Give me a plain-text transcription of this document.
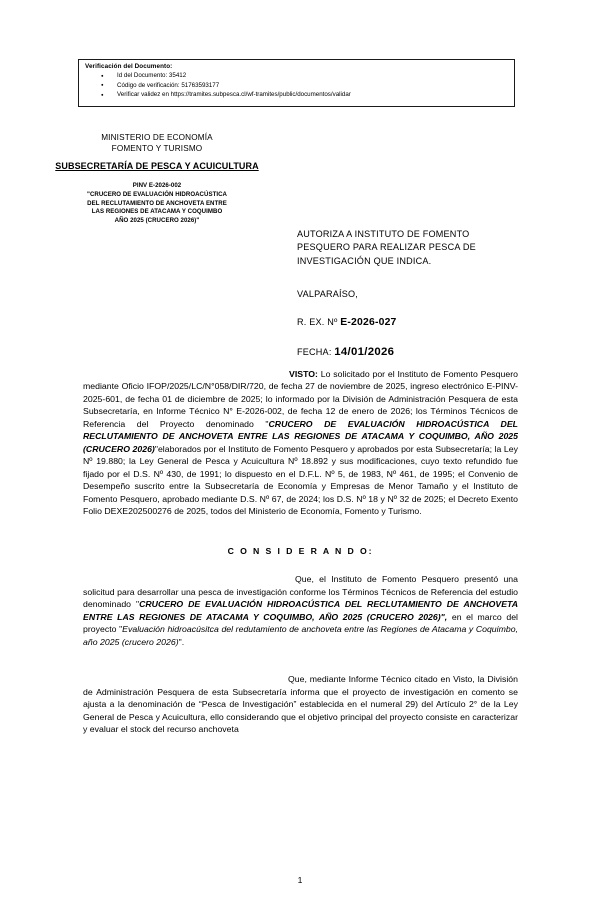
Verificación del Documento:
● Id del Documento: 35412
● Código de verificación: 51763593177
● Verificar validez en https://tramites.subpesca.cl/wf-tramites/public/documentos/validar
MINISTERIO DE ECONOMÍA
FOMENTO Y TURISMO
SUBSECRETARÍA DE PESCA Y ACUICULTURA
PINV E-2026-002
"CRUCERO DE EVALUACIÓN HIDROACÚSTICA
DEL RECLUTAMIENTO DE ANCHOVETA ENTRE
LAS REGIONES DE ATACAMA Y COQUIMBO
AÑO 2025 (CRUCERO 2026)"
AUTORIZA A INSTITUTO DE FOMENTO PESQUERO PARA REALIZAR PESCA DE INVESTIGACIÓN QUE INDICA.
VALPARAÍSO,
R. EX. Nº E-2026-027
FECHA: 14/01/2026

VISTO: Lo solicitado por el Instituto de Fomento Pesquero mediante Oficio IFOP/2025/LC/N°058/DIR/720, de fecha 27 de noviembre de 2025, ingreso electrónico E-PINV-2025-601, de fecha 01 de diciembre de 2025; lo informado por la División de Administración Pesquera de esta Subsecretaría, en Informe Técnico N° E-2026-002, de fecha 12 de enero de 2026; los Términos Técnicos de Referencia del Proyecto denominado "CRUCERO DE EVALUACIÓN HIDROACÚSTICA DEL RECLUTAMIENTO DE ANCHOVETA ENTRE LAS REGIONES DE ATACAMA Y COQUIMBO, AÑO 2025 (CRUCERO 2026)"elaborados por el Instituto de Fomento Pesquero y aprobados por esta Subsecretaría; la Ley Nº 19.880; la Ley General de Pesca y Acuicultura Nº 18.892 y sus modificaciones, cuyo texto refundido fue fijado por el D.S. Nº 430, de 1991; lo dispuesto en el D.F.L. Nº 5, de 1983, Nº 461, de 1995; el Convenio de Desempeño suscrito entre la Subsecretaría de Economía y Empresas de Menor Tamaño y el Instituto de Fomento Pesquero, aprobado mediante D.S. Nº 67, de 2024; los D.S. Nº 18 y Nº 32 de 2025; el Decreto Exento Folio DEXE202500276 de 2025, todos del Ministerio de Economía, Fomento y Turismo.

C O N S I D E R A N D O:

Que, el Instituto de Fomento Pesquero presentó una solicitud para desarrollar una pesca de investigación conforme los Términos Técnicos de Referencia del estudio denominado "CRUCERO DE EVALUACIÓN HIDROACÚSTICA DEL RECLUTAMIENTO DE ANCHOVETA ENTRE LAS REGIONES DE ATACAMA Y COQUIMBO, AÑO 2025 (CRUCERO 2026)", en el marco del proyecto "Evaluación hidroacúsitca del redutamiento de anchoveta entre las Regiones de Atacama y Coquimbo, año 2025 (crucero 2026)".

Que, mediante Informe Técnico citado en Visto, la División de Administración Pesquera de esta Subsecretaría informa que el proyecto de investigación en comento se ajusta a la denominación de “Pesca de Investigación” establecida en el numeral 29) del Artículo 2° de la Ley General de Pesca y Acuicultura, ello considerando que el objetivo principal del proyecto consiste en caracterizar y evaluar el stock del recurso anchoveta

1
